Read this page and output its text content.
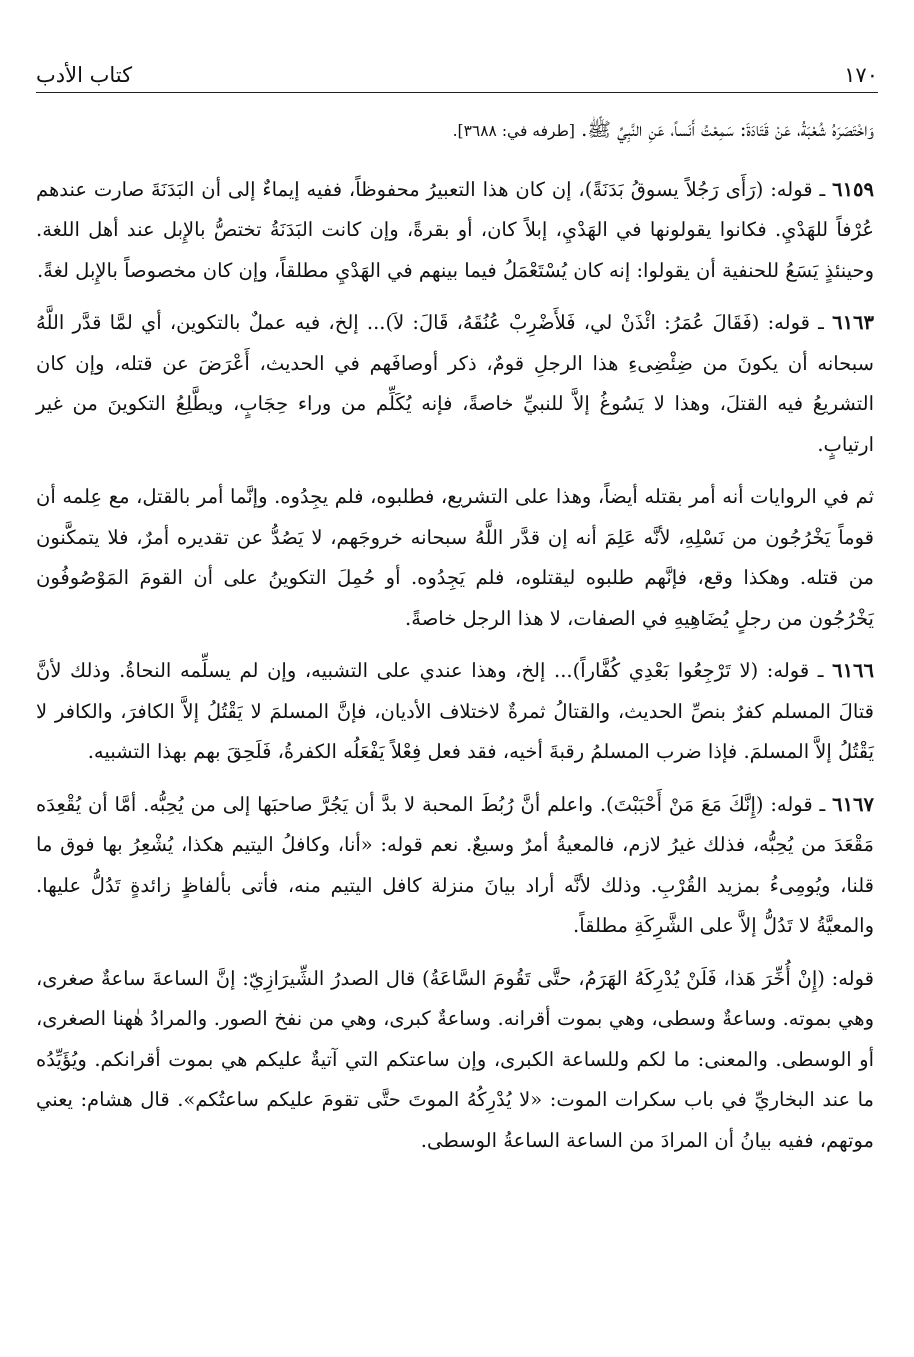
١٧٠
كتاب الأدب

وَاخْتَصَرَهُ شُعْبَةُ، عَنْ قَتَادَةَ: سَمِعْتُ أَنَساً، عَنِ النَّبِيِّ ﷺ. [طرفه في: ٣٦٨٨].

٦١٥٩ ـ قوله: (رَأَى رَجُلاً يسوقُ بَدَنَةً)، إن كان هذا التعبيرُ محفوظاً، ففيه إيماءٌ إلى أن البَدَنَةَ صارت عندهم عُرْفاً للهَدْيِ. فكانوا يقولونها في الهَدْيِ، إبلاً كان، أو بقرةً، وإن كانت البَدَنَةُ تختصُّ بالإِبل عند أهل اللغة. وحينئذٍ يَسَعُ للحنفية أن يقولوا: إنه كان يُسْتَعْمَلُ فيما بينهم في الهَدْيِ مطلقاً، وإن كان مخصوصاً بالإِبل لغةً.

٦١٦٣ ـ قوله: (فَقَالَ عُمَرُ: ائْذَنْ لي، فَلأَضْرِبْ عُنُقَهُ، قَالَ: لاَ)... إلخ، فيه عملٌ بالتكوين، أي لمَّا قدَّر اللَّهُ سبحانه أن يكونَ من ضِئْضِىءِ هذا الرجلِ قومٌ، ذكر أوصافَهم في الحديث، أَعْرَضَ عن قتله، وإن كان التشريعُ فيه القتلَ، وهذا لا يَسُوغُ إلاَّ للنبيِّ خاصةً، فإنه يُكَلِّم من وراء حِجَابٍ، ويطَّلِعُ التكوينَ من غير ارتيابٍ.

ثم في الروايات أنه أمر بقتله أيضاً، وهذا على التشريع، فطلبوه، فلم يجِدُوه. وإنَّما أمر بالقتل، مع عِلمه أن قوماً يَخْرُجُون من نَسْلِهِ، لأنَّه عَلِمَ أنه إن قدَّر اللَّهُ سبحانه خروجَهم، لا يَصُدُّ عن تقديره أمرٌ، فلا يتمكَّنون من قتله. وهكذا وقع، فإنَّهم طلبوه ليقتلوه، فلم يَجِدُوه. أو حُمِلَ التكوينُ على أن القومَ المَوْصُوفُون يَخْرُجُون من رجلٍ يُضَاهِيهِ في الصفات، لا هذا الرجل خاصةً.

٦١٦٦ ـ قوله: (لا تَرْجِعُوا بَعْدِي كُفَّاراً)... إلخ، وهذا عندي على التشبيه، وإن لم يسلِّمه النحاةُ. وذلك لأنَّ قتالَ المسلم كفرٌ بنصِّ الحديث، والقتالُ ثمرةٌ لاختلاف الأديان، فإنَّ المسلمَ لا يَقْتُلُ إلاَّ الكافرَ، والكافر لا يَقْتُلُ إلاَّ المسلمَ. فإذا ضرب المسلمُ رقبةَ أخيه، فقد فعل فِعْلاً يَفْعَلُه الكفرةُ، فَلَحِقَ بهم بهذا التشبيه.

٦١٦٧ ـ قوله: (إِنَّكَ مَعَ مَنْ أَحْبَبْتَ). واعلم أنَّ رُبُطَ المحبة لا بدَّ أن يَجُرَّ صاحبَها إلى من يُحِبُّه. أمَّا أن يُقْعِدَه مَقْعَدَ من يُحِبُّه، فذلك غيرُ لازم، فالمعيةُ أمرٌ وسيعٌ. نعم قوله: «أنا، وكافلُ اليتيم هكذا، يُشْعِرُ بها فوق ما قلنا، ويُومِىءُ بمزيد القُرْبِ. وذلك لأنَّه أراد بيانَ منزلة كافل اليتيم منه، فأتى بألفاظٍ زائدةٍ تَدُلُّ عليها. والمعيَّةُ لا تَدُلُّ إلاَّ على الشَّرِكَةِ مطلقاً.

قوله: (إِنْ أُخِّرَ هَذا، فَلَنْ يُدْرِكَهُ الهَرَمُ، حتَّى تَقُومَ السَّاعَةُ) قال الصدرُ الشِّيرَازِيّ: إنَّ الساعةَ ساعةٌ صغرى، وهي بموته. وساعةٌ وسطى، وهي بموت أقرانه. وساعةٌ كبرى، وهي من نفخ الصور. والمرادُ هٰهنا الصغرى، أو الوسطى. والمعنى: ما لكم وللساعة الكبرى، وإن ساعتكم التي آتيةٌ عليكم هي بموت أقرانكم. ويُؤَيِّدُه ما عند البخاريِّ في باب سكرات الموت: «لا يُدْرِكُهُ الموتَ حتَّى تقومَ عليكم ساعتُكم». قال هشام: يعني موتهم، ففيه بيانُ أن المرادَ من الساعة الساعةُ الوسطى.
